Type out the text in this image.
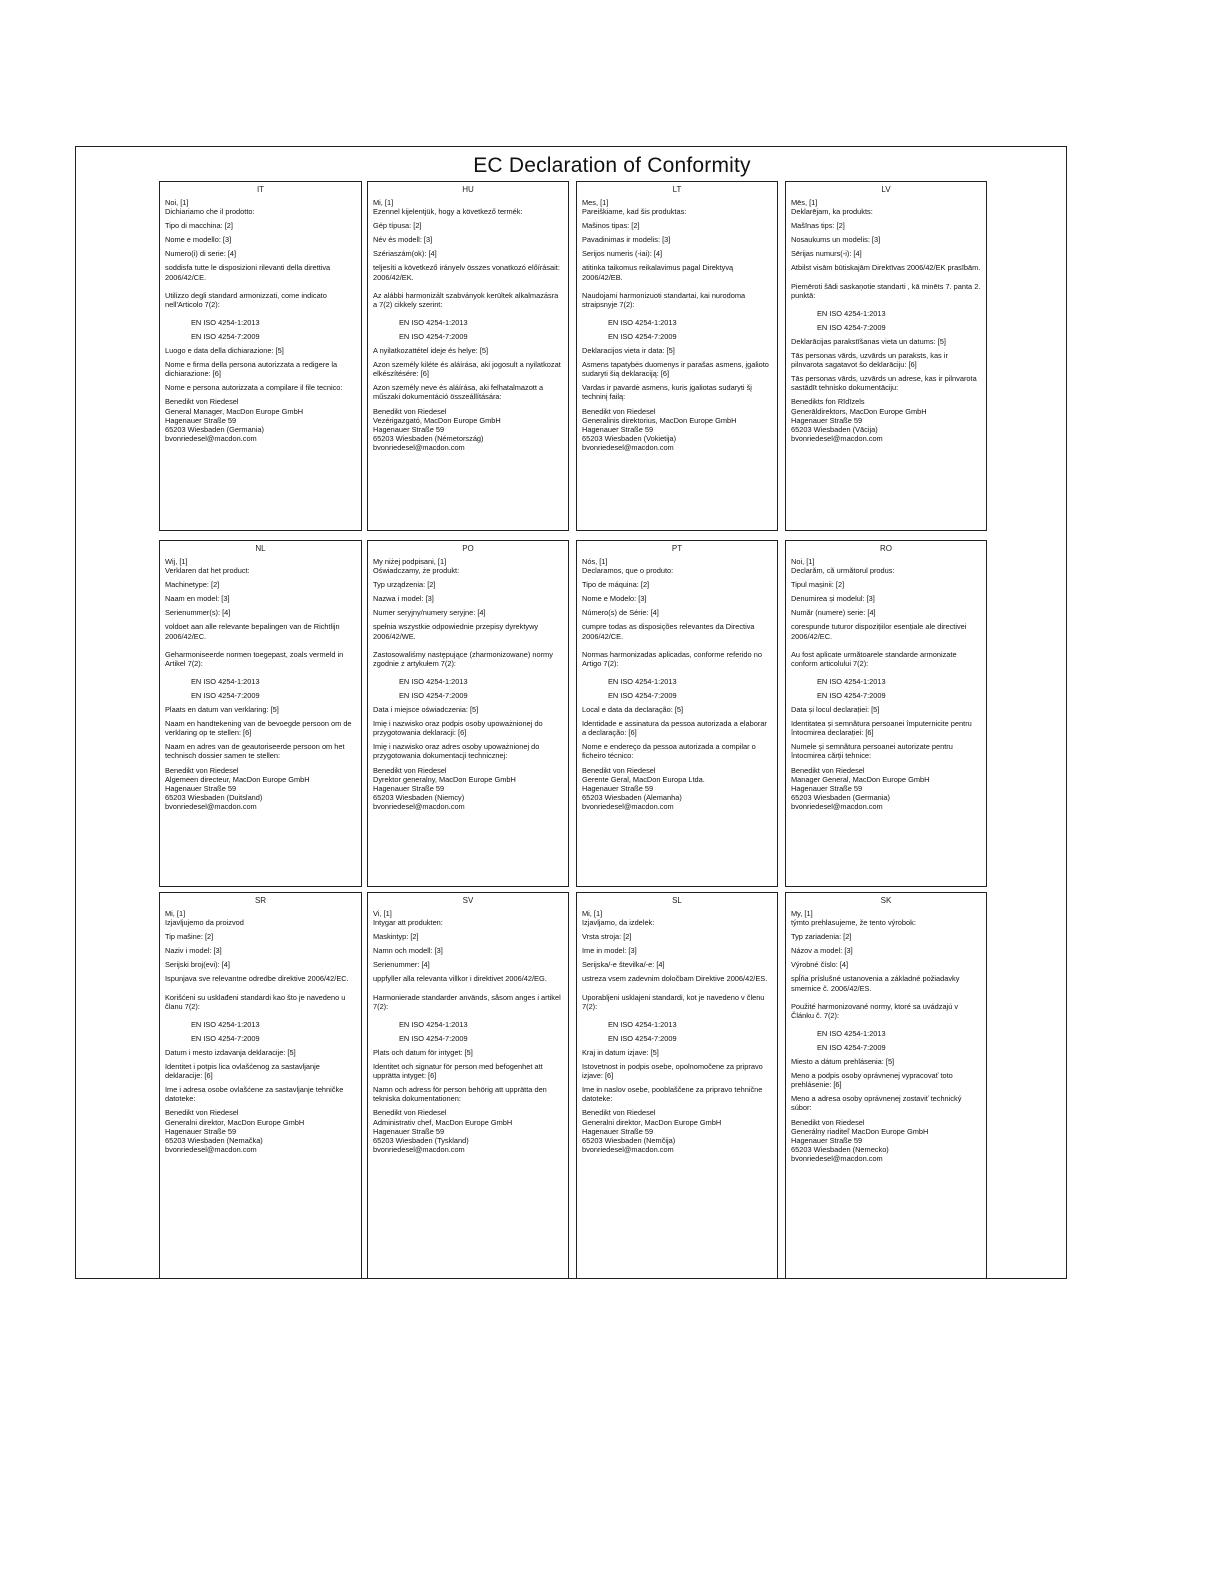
EC Declaration of Conformity
IT
Noi, [1]
Dichiariamo che il prodotto:
Tipo di macchina: [2]
Nome e modello: [3]
Numero(i) di serie: [4]
soddisfa tutte le disposizioni rilevanti della direttiva 2006/42/CE.
Utilizzo degli standard armonizzati, come indicato nell'Articolo 7(2):
EN ISO 4254-1:2013
EN ISO 4254-7:2009
Luogo e data della dichiarazione: [5]
Nome e firma della persona autorizzata a redigere la dichiarazione: [6]
Nome e persona autorizzata a compilare il file tecnico:
Benedikt von Riedesel
General Manager, MacDon Europe GmbH
Hagenauer Straße 59
65203 Wiesbaden (Germania)
bvonriedesel@macdon.com
HU
Mi, [1]
Ezennel kijelentjük, hogy a következő termék:
Gép típusa: [2]
Név és modell: [3]
Szériaszám(ok): [4]
teljesíti a következő irányelv összes vonatkozó előírásait: 2006/42/EK.
Az alábbi harmonizált szabványok kerültek alkalmazásra a 7(2) cikkely szerint:
EN ISO 4254-1:2013
EN ISO 4254-7:2009
A nyilatkozattétel ideje és helye: [5]
Azon személy kiléte és aláírása, aki jogosult a nyilatkozat elkészítésére: [6]
Azon személy neve és aláírása, aki felhatalmazott a műszaki dokumentáció összeállítására:
Benedikt von Riedesel
Vezérigazgató, MacDon Europe GmbH
Hagenauer Straße 59
65203 Wiesbaden (Németország)
bvonriedesel@macdon.com
LT
Mes, [1]
Pareiškiame, kad šis produktas:
Mašinos tipas: [2]
Pavadinimas ir modelis: [3]
Serijos numeris (-iai): [4]
atitinka taikomus reikalavimus pagal Direktyvą 2006/42/EB.
Naudojami harmonizuoti standartai, kai nurodoma straipsnyje 7(2):
EN ISO 4254-1:2013
EN ISO 4254-7:2009
Deklaracijos vieta ir data: [5]
Asmens tapatybės duomenys ir parašas asmens, įgalioto sudaryti šią deklaraciją: [6]
Vardas ir pavardė asmens, kuris įgaliotas sudaryti šį techninį failą:
Benedikt von Riedesel
Generalinis direktorius, MacDon Europe GmbH
Hagenauer Straße 59
65203 Wiesbaden (Vokietija)
bvonriedesel@macdon.com
LV
Mēs, [1]
Deklarējam, ka produkts:
Mašīnas tips: [2]
Nosaukums un modelis: [3]
Sērijas numurs(-i): [4]
Atbilst visām būtiskajām Direktīvas 2006/42/EK prasībām.
Piemēroti šādi saskaņotie standarti , kā minēts 7. panta 2. punktā:
EN ISO 4254-1:2013
EN ISO 4254-7:2009
Deklarācijas parakstīšanas vieta un datums: [5]
Tās personas vārds, uzvārds un paraksts, kas ir pilnvarota sagatavot šo deklarāciju: [6]
Tās personas vārds, uzvārds un adrese, kas ir pilnvarota sastādīt tehnisko dokumentāciju:
Benedikts fon Rīdīzels
Ģenerāldirektors, MacDon Europe GmbH
Hagenauer Straße 59
65203 Wiesbaden (Vācija)
bvonriedesel@macdon.com
NL
Wij, [1]
Verklaren dat het product:
Machinetype: [2]
Naam en model: [3]
Serienummer(s): [4]
voldoet aan alle relevante bepalingen van de Richtlijn 2006/42/EC.
Geharmoniseerde normen toegepast, zoals vermeld in Artikel 7(2):
EN ISO 4254-1:2013
EN ISO 4254-7:2009
Plaats en datum van verklaring: [5]
Naam en handtekening van de bevoegde persoon om de verklaring op te stellen: [6]
Naam en adres van de geautoriseerde persoon om het technisch dossier samen te stellen:
Benedikt von Riedesel
Algemeen directeur, MacDon Europe GmbH
Hagenauer Straße 59
65203 Wiesbaden (Duitsland)
bvonriedesel@macdon.com
PO
My niżej podpisani, [1]
Oświadczamy, że produkt:
Typ urządzenia: [2]
Nazwa i model: [3]
Numer seryjny/numery seryjne: [4]
spełnia wszystkie odpowiednie przepisy dyrektywy 2006/42/WE.
Zastosowaliśmy następujące (zharmonizowane) normy zgodnie z artykułem 7(2):
EN ISO 4254-1:2013
EN ISO 4254-7:2009
Data i miejsce oświadczenia: [5]
Imię i nazwisko oraz podpis osoby upoważnionej do przygotowania deklaracji: [6]
Imię i nazwisko oraz adres osoby upoważnionej do przygotowania dokumentacji technicznej:
Benedikt von Riedesel
Dyrektor generalny, MacDon Europe GmbH
Hagenauer Straße 59
65203 Wiesbaden (Niemcy)
bvonriedesel@macdon.com
PT
Nós, [1]
Declaramos, que o produto:
Tipo de máquina: [2]
Nome e Modelo: [3]
Número(s) de Série: [4]
cumpre todas as disposições relevantes da Directiva 2006/42/CE.
Normas harmonizadas aplicadas, conforme referido no Artigo 7(2):
EN ISO 4254-1:2013
EN ISO 4254-7:2009
Local e data da declaração: [5]
Identidade e assinatura da pessoa autorizada a elaborar a declaração: [6]
Nome e endereço da pessoa autorizada a compilar o ficheiro técnico:
Benedikt von Riedesel
Gerente Geral, MacDon Europa Ltda.
Hagenauer Straße 59
65203 Wiesbaden (Alemanha)
bvonriedesel@macdon.com
RO
Noi, [1]
Declarăm, că următorul produs:
Tipul mașinii: [2]
Denumirea și modelul: [3]
Număr (numere) serie: [4]
corespunde tuturor dispozițiilor esențiale ale directivei 2006/42/EC.
Au fost aplicate următoarele standarde armonizate conform articolului 7(2):
EN ISO 4254-1:2013
EN ISO 4254-7:2009
Data și locul declarației: [5]
Identitatea și semnătura persoanei împuternicite pentru întocmirea declarației: [6]
Numele și semnătura persoanei autorizate pentru întocmirea cărții tehnice:
Benedikt von Riedesel
Manager General, MacDon Europe GmbH
Hagenauer Straße 59
65203 Wiesbaden (Germania)
bvonriedesel@macdon.com
SR
Mi, [1]
Izjavljujemo da proizvod
Tip mašine: [2]
Naziv i model: [3]
Serijski broj(evi): [4]
Ispunjava sve relevantne odredbe direktive 2006/42/EC.
Korišćeni su usklađeni standardi kao što je navedeno u članu 7(2):
EN ISO 4254-1:2013
EN ISO 4254-7:2009
Datum i mesto izdavanja deklaracije: [5]
Identitet i potpis lica ovlašćenog za sastavljanje deklaracije: [6]
Ime i adresa osobe ovlašćene za sastavljanje tehničke datoteke:
Benedikt von Riedesel
Generalni direktor, MacDon Europe GmbH
Hagenauer Straße 59
65203 Wiesbaden (Nemačka)
bvonriedesel@macdon.com
SV
Vi, [1]
Intygar att produkten:
Maskintyp: [2]
Namn och modell: [3]
Serienummer: [4]
uppfyller alla relevanta villkor i direktivet 2006/42/EG.
Harmonierade standarder används, såsom anges i artikel 7(2):
EN ISO 4254-1:2013
EN ISO 4254-7:2009
Plats och datum för intyget: [5]
Identitet och signatur för person med befogenhet att upprätta intyget: [6]
Namn och adress för person behörig att upprätta den tekniska dokumentationen:
Benedikt von Riedesel
Administrativ chef, MacDon Europe GmbH
Hagenauer Straße 59
65203 Wiesbaden (Tyskland)
bvonriedesel@macdon.com
SL
Mi, [1]
Izjavljamo, da izdelek:
Vrsta stroja: [2]
Ime in model: [3]
Serijska/-e številka/-e: [4]
ustreza vsem zadevnim določbam Direktive 2006/42/ES.
Uporabljeni usklajeni standardi, kot je navedeno v členu 7(2):
EN ISO 4254-1:2013
EN ISO 4254-7:2009
Kraj in datum izjave: [5]
Istovetnost in podpis osebe, opolnomočene za pripravo izjave: [6]
Ime in naslov osebe, pooblaščene za pripravo tehnične datoteke:
Benedikt von Riedesel
Generalni direktor, MacDon Europe GmbH
Hagenauer Straße 59
65203 Wiesbaden (Nemčija)
bvonriedesel@macdon.com
SK
My, [1]
týmto prehlasujeme, že tento výrobok:
Typ zariadenia: [2]
Názov a model: [3]
Výrobné číslo: [4]
spĺňa príslušné ustanovenia a základné požiadavky smernice č. 2006/42/ES.
Použité harmonizované normy, ktoré sa uvádzajú v Článku č. 7(2):
EN ISO 4254-1:2013
EN ISO 4254-7:2009
Miesto a dátum prehlásenia: [5]
Meno a podpis osoby oprávnenej vypracovať toto prehlásenie: [6]
Meno a adresa osoby oprávnenej zostaviť technický súbor:
Benedikt von Riedesel
Generálny riaditeľ MacDon Europe GmbH
Hagenauer Straße 59
65203 Wiesbaden (Nemecko)
bvonriedesel@macdon.com
